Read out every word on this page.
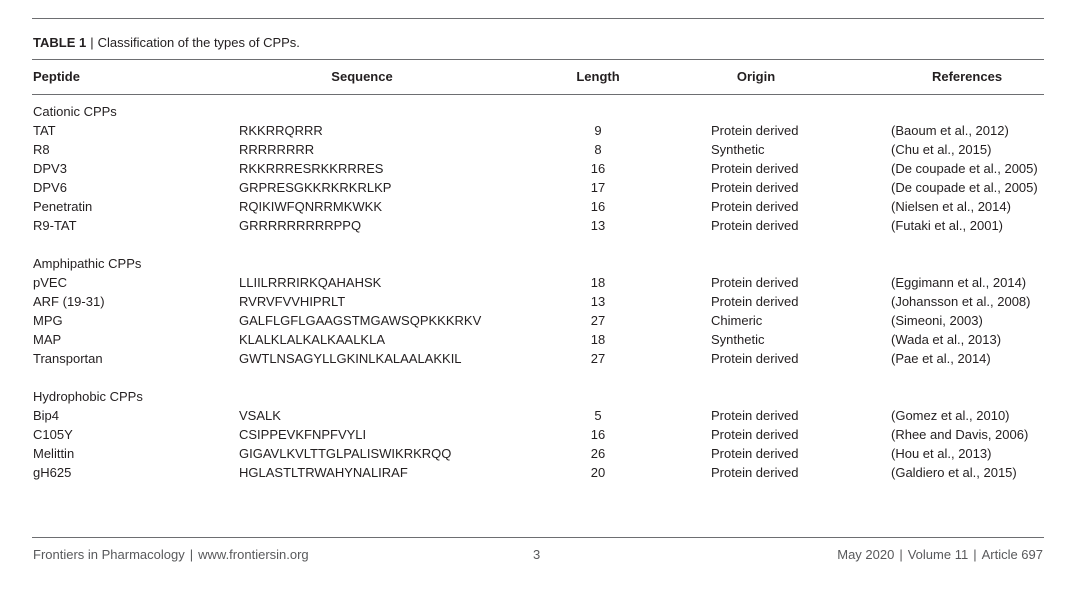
TABLE 1 | Classification of the types of CPPs.
Peptide	Sequence	Length	Origin	References
Cationic CPPs
TAT	RKKRRQRRR	9	Protein derived	(Baoum et al., 2012)
R8	RRRRRRRR	8	Synthetic	(Chu et al., 2015)
DPV3	RKKRRRESRKKRRRES	16	Protein derived	(De coupade et al., 2005)
DPV6	GRPRESGKKRKRKRLKP	17	Protein derived	(De coupade et al., 2005)
Penetratin	RQIKIWFQNRRMKWKK	16	Protein derived	(Nielsen et al., 2014)
R9-TAT	GRRRRRRRRRPPQ	13	Protein derived	(Futaki et al., 2001)
Amphipathic CPPs
pVEC	LLIILRRRIRKQAHAHSK	18	Protein derived	(Eggimann et al., 2014)
ARF (19-31)	RVRVFVVHIPRLT	13	Protein derived	(Johansson et al., 2008)
MPG	GALFLGFLGAAGSTMGAWSQPKKKRKV	27	Chimeric	(Simeoni, 2003)
MAP	KLALKLALKALKAALKLA	18	Synthetic	(Wada et al., 2013)
Transportan	GWTLNSAGYLLGKINLKALAALAKKIL	27	Protein derived	(Pae et al., 2014)
Hydrophobic CPPs
Bip4	VSALK	5	Protein derived	(Gomez et al., 2010)
C105Y	CSIPPEVKFNPFVYLI	16	Protein derived	(Rhee and Davis, 2006)
Melittin	GIGAVLKVLTTGLPALISWIKRKRQQ	26	Protein derived	(Hou et al., 2013)
gH625	HGLASTLTRWAHYNALIRAF	20	Protein derived	(Galdiero et al., 2015)
Frontiers in Pharmacology | www.frontiersin.org	3	May 2020 | Volume 11 | Article 697
